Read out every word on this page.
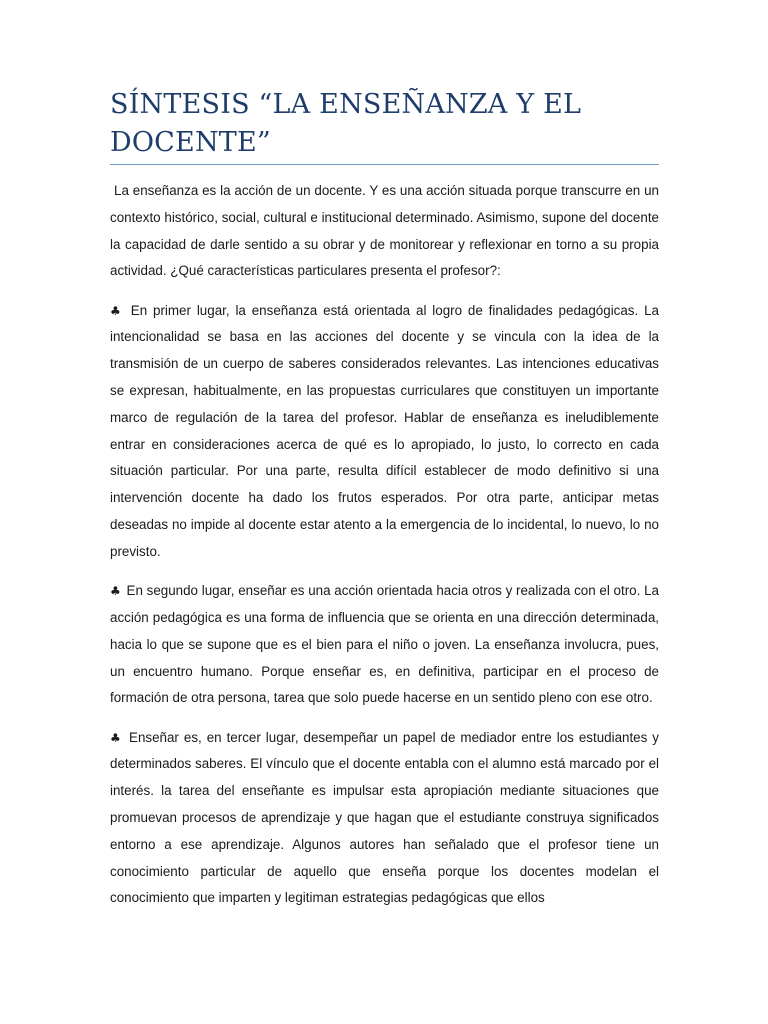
SÍNTESIS “LA ENSEÑANZA Y EL DOCENTE”

La enseñanza es la acción de un docente. Y es una acción situada porque transcurre en un contexto histórico, social, cultural e institucional determinado. Asimismo, supone del docente la capacidad de darle sentido a su obrar y de monitorear y reflexionar en torno a su propia actividad. ¿Qué características particulares presenta el profesor?:

♣ En primer lugar, la enseñanza está orientada al logro de finalidades pedagógicas. La intencionalidad se basa en las acciones del docente y se vincula con la idea de la transmisión de un cuerpo de saberes considerados relevantes. Las intenciones educativas se expresan, habitualmente, en las propuestas curriculares que constituyen un importante marco de regulación de la tarea del profesor. Hablar de enseñanza es ineludiblemente entrar en consideraciones acerca de qué es lo apropiado, lo justo, lo correcto en cada situación particular. Por una parte, resulta difícil establecer de modo definitivo si una intervención docente ha dado los frutos esperados. Por otra parte, anticipar metas deseadas no impide al docente estar atento a la emergencia de lo incidental, lo nuevo, lo no previsto.

♣ En segundo lugar, enseñar es una acción orientada hacia otros y realizada con el otro. La acción pedagógica es una forma de influencia que se orienta en una dirección determinada, hacia lo que se supone que es el bien para el niño o joven. La enseñanza involucra, pues, un encuentro humano. Porque enseñar es, en definitiva, participar en el proceso de formación de otra persona, tarea que solo puede hacerse en un sentido pleno con ese otro.

♣ Enseñar es, en tercer lugar, desempeñar un papel de mediador entre los estudiantes y determinados saberes. El vínculo que el docente entabla con el alumno está marcado por el interés. la tarea del enseñante es impulsar esta apropiación mediante situaciones que promuevan procesos de aprendizaje y que hagan que el estudiante construya significados entorno a ese aprendizaje. Algunos autores han señalado que el profesor tiene un conocimiento particular de aquello que enseña porque los docentes modelan el conocimiento que imparten y legitiman estrategias pedagógicas que ellos
